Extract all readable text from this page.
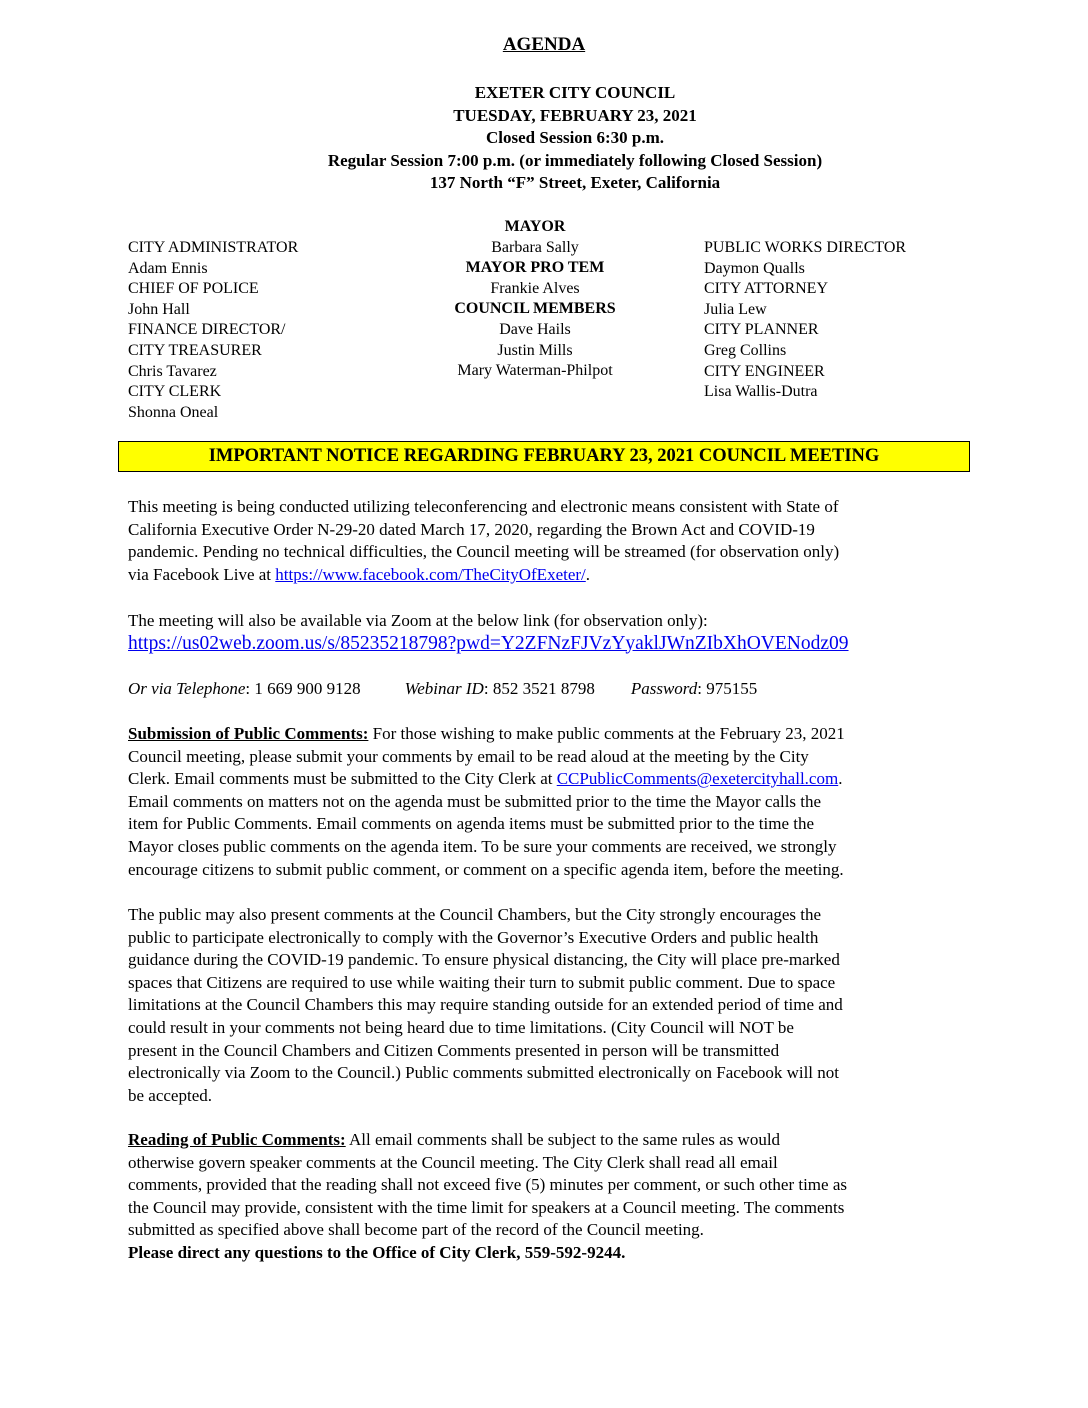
AGENDA
EXETER CITY COUNCIL
TUESDAY, FEBRUARY 23, 2021
Closed Session 6:30 p.m.
Regular Session 7:00 p.m. (or immediately following Closed Session)
137 North “F” Street, Exeter, California
CITY ADMINISTRATOR
Adam Ennis
CHIEF OF POLICE
John Hall
FINANCE DIRECTOR/
CITY TREASURER
Chris Tavarez
CITY CLERK
Shonna Oneal
MAYOR
Barbara Sally
MAYOR PRO TEM
Frankie Alves
COUNCIL MEMBERS
Dave Hails
Justin Mills
Mary Waterman-Philpot
PUBLIC WORKS DIRECTOR
Daymon Qualls
CITY ATTORNEY
Julia Lew
CITY PLANNER
Greg Collins
CITY ENGINEER
Lisa Wallis-Dutra
IMPORTANT NOTICE REGARDING FEBRUARY 23, 2021 COUNCIL MEETING
This meeting is being conducted utilizing teleconferencing and electronic means consistent with State of
California Executive Order N-29-20 dated March 17, 2020, regarding the Brown Act and COVID-19
pandemic. Pending no technical difficulties, the Council meeting will be streamed (for observation only)
via Facebook Live at https://www.facebook.com/TheCityOfExeter/.
The meeting will also be available via Zoom at the below link (for observation only):
https://us02web.zoom.us/s/85235218798?pwd=Y2ZFNzFJVzYyaklJWnZIbXhOVENodz09
Or via Telephone: 1 669 900 9128	Webinar ID: 852 3521 8798 Password: 975155
Submission of Public Comments: For those wishing to make public comments at the February 23, 2021
Council meeting, please submit your comments by email to be read aloud at the meeting by the City
Clerk. Email comments must be submitted to the City Clerk at CCPublicComments@exetercityhall.com.
Email comments on matters not on the agenda must be submitted prior to the time the Mayor calls the
item for Public Comments. Email comments on agenda items must be submitted prior to the time the
Mayor closes public comments on the agenda item. To be sure your comments are received, we strongly
encourage citizens to submit public comment, or comment on a specific agenda item, before the meeting.
The public may also present comments at the Council Chambers, but the City strongly encourages the
public to participate electronically to comply with the Governor’s Executive Orders and public health
guidance during the COVID-19 pandemic. To ensure physical distancing, the City will place pre-marked
spaces that Citizens are required to use while waiting their turn to submit public comment. Due to space
limitations at the Council Chambers this may require standing outside for an extended period of time and
could result in your comments not being heard due to time limitations. (City Council will NOT be
present in the Council Chambers and Citizen Comments presented in person will be transmitted
electronically via Zoom to the Council.) Public comments submitted electronically on Facebook will not
be accepted.
Reading of Public Comments: All email comments shall be subject to the same rules as would
otherwise govern speaker comments at the Council meeting. The City Clerk shall read all email
comments, provided that the reading shall not exceed five (5) minutes per comment, or such other time as
the Council may provide, consistent with the time limit for speakers at a Council meeting. The comments
submitted as specified above shall become part of the record of the Council meeting.
Please direct any questions to the Office of City Clerk, 559-592-9244.
